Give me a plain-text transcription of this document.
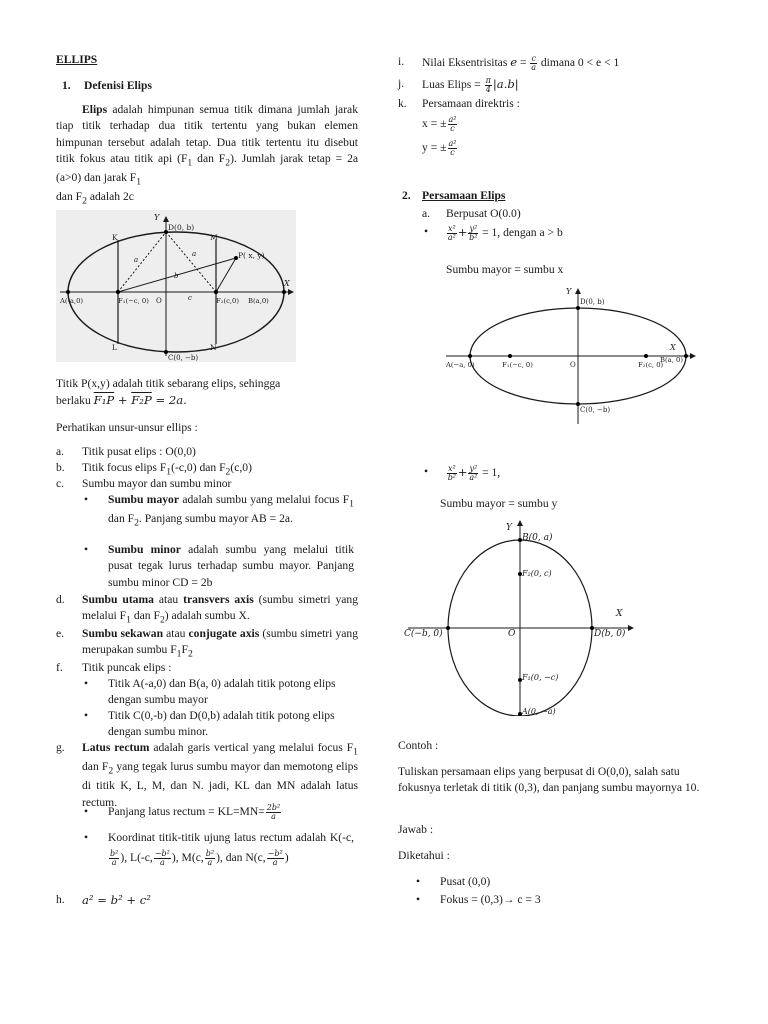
ELLIPS
1. Defenisi Elips
Elips adalah himpunan semua titik dimana jumlah jarak tiap titik terhadap dua titik tertentu yang bukan elemen himpunan tersebut adalah tetap. Dua titik tertentu itu disebut titik fokus atau titik api ($F_1$ dan $F_2$). Jumlah jarak tetap = 2a (a>0) dan jarak $F_1$
dan $F_2$ adalah 2c
Y
X
D(0, b)
K	M
P( x, y)
A(-a,0)	F₁(−c, 0) O	c	F₂(c,0) B(a,0)
L	N
C(0, −b)
a
a
b
Titik P(x,y) adalah titik sebarang elips, sehingga
berlaku F₁P + F₂P = 2a.
Perhatikan unsur-unsur ellips :
a. Titik pusat elips : O(0,0)
b. Titik focus elips $F_1(-c,0)$ dan $F_2(c,0)$
c. Sumbu mayor dan sumbu minor
• Sumbu mayor adalah sumbu yang melalui focus $F_1$ dan $F_2$. Panjang sumbu mayor AB = 2a.
• Sumbu minor adalah sumbu yang melalui titik pusat tegak lurus terhadap sumbu mayor. Panjang sumbu minor CD = 2b
d. Sumbu utama atau transvers axis (sumbu simetri yang melalui $F_1$ dan $F_2$) adalah sumbu X.
e. Sumbu sekawan atau conjugate axis (sumbu simetri yang merupakan sumbu $F_1F_2$
f. Titik puncak elips :
• Titik A(-a,0) dan B(a, 0) adalah titik potong elips dengan sumbu mayor
• Titik C(0,-b) dan D(0,b) adalah titik potong elips dengan sumbu minor.
g. Latus rectum adalah garis vertical yang melalui focus $F_1$ dan $F_2$ yang tegak lurus sumbu mayor dan memotong elips di titik K, L, M, dan N. jadi, KL dan MN adalah latus rectum.
• Panjang latus rectum = $KL=MN= \frac{\text{2b²}}{a}$
• Koordinat titik-titik ujung latus rectum adalah K(-c,
$\frac{\text{b²}}{a}$ ), L(-c, $\frac{\text{−b²}}{a}$ ), M(c, $\frac{\text{b²}}{a}$ ), dan N(c, $\frac{\text{−b²}}{a}$ )
h. a² = b² + c²
i. Nilai Eksentrisitas $e = \frac{c}{a}$ dimana 0 < e < 1
j. Luas Elips = $\frac{\pi}{4} |a.b|$
k. Persamaan direktris :
x = ± $\frac{\text{a²}}{c}$
y = ± $\frac{\text{a²}}{c}$
2. Persamaan Elips
a. Berpusat O(0.0)
• $\frac{\text{x²}}{\text{a²}} + \frac{\text{y²}}{\text{b²}} = 1$, dengan a > b
Sumbu mayor = sumbu x
Y
X
D(0, b)
A(−a, 0)	F₁(−c, 0)	O	F₂(c, 0)
B(a, 0)
C(0, −b)
• $\frac{\text{x²}}{\text{b²}} + \frac{\text{y²}}{\text{a²}} = 1$,
Sumbu mayor = sumbu y
Y
X
B(0, a)
F₂(0, c)
C(−b, 0)	O	D(b, 0)
F₁(0, −c)
A(0, −a)
Contoh :
Tuliskan persamaan elips yang berpusat di O(0,0), salah satu fokusnya terletak di titik (0,3), dan panjang sumbu mayornya 10.
Jawab :
Diketahui :
• Pusat (0,0)
• Fokus = (0,3)→ c = 3
